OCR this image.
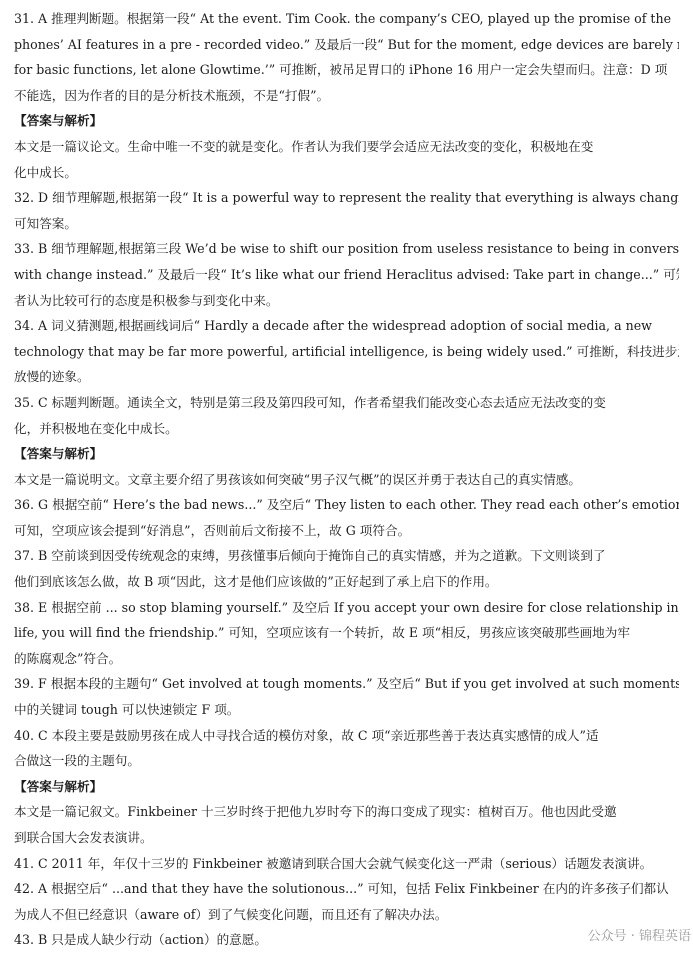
31. A 推理判断题。根据第一段“ At the event. Tim Cook. the company’s CEO, played up the promise of the
phones’ AI features in a pre - recorded video.” 及最后一段“ But for the moment, edge devices are barely ready
for basic functions, let alone Glowtime.’” 可推断，被吊足胃口的 iPhone 16 用户一定会失望而归。注意：D 项
不能选，因为作者的目的是分析技术瓶颈，不是“打假”。
【答案与解析】
本文是一篇议论文。生命中唯一不变的就是变化。作者认为我们要学会适应无法改变的变化，积极地在变
化中成长。
32. D 细节理解题,根据第一段“ It is a powerful way to represent the reality that everything is always changing.”
可知答案。
33. B 细节理解题,根据第三段 We’d be wise to shift our position from useless resistance to being in conversation
with change instead.” 及最后一段“ It’s like what our friend Heraclitus advised: Take part in change...” 可知，作
者认为比较可行的态度是积极参与到变化中来。
34. A 词义猜测题,根据画线词后“ Hardly a decade after the widespread adoption of social media, a new
technology that may be far more powerful, artificial intelligence, is being widely used.” 可推断，科技进步还没有
放慢的迹象。
35. C 标题判断题。通读全文，特别是第三段及第四段可知，作者希望我们能改变心态去适应无法改变的变
化，并积极地在变化中成长。
【答案与解析】
本文是一篇说明文。文章主要介绍了男孩该如何突破“男子汉气概”的误区并勇于表达自己的真实情感。
36. G 根据空前“ Here’s the bad news...” 及空后“ They listen to each other. They read each other’s emotions.”
可知，空项应该会提到“好消息”，否则前后文衔接不上，故 G 项符合。
37. B 空前谈到因受传统观念的束缚，男孩懂事后倾向于掩饰自己的真实情感，并为之道歉。下文则谈到了
他们到底该怎么做，故 B 项“因此，这才是他们应该做的”正好起到了承上启下的作用。
38. E 根据空前 ... so stop blaming yourself.” 及空后 If you accept your own desire for close relationship in your
life, you will find the friendship.” 可知，空项应该有一个转折，故 E 项“相反，男孩应该突破那些画地为牢
的陈腐观念”符合。
39. F 根据本段的主题句“ Get involved at tough moments.” 及空后“ But if you get involved at such moments”
中的关键词 tough 可以快速锁定 F 项。
40. C 本段主要是鼓励男孩在成人中寻找合适的模仿对象，故 C 项“亲近那些善于表达真实感情的成人”适
合做这一段的主题句。
【答案与解析】
本文是一篇记叙文。Finkbeiner 十三岁时终于把他九岁时夸下的海口变成了现实：植树百万。他也因此受邀
到联合国大会发表演讲。
41. C 2011 年，年仅十三岁的 Finkbeiner 被邀请到联合国大会就气候变化这一严肃（serious）话题发表演讲。
42. A 根据空后“ ...and that they have the solutionous...” 可知，包括 Felix Finkbeiner 在内的许多孩子们都认
为成人不但已经意识（aware of）到了气候变化问题，而且还有了解决办法。
43. B 只是成人缺少行动（action）的意愿。	公众号 · 锦程英语
